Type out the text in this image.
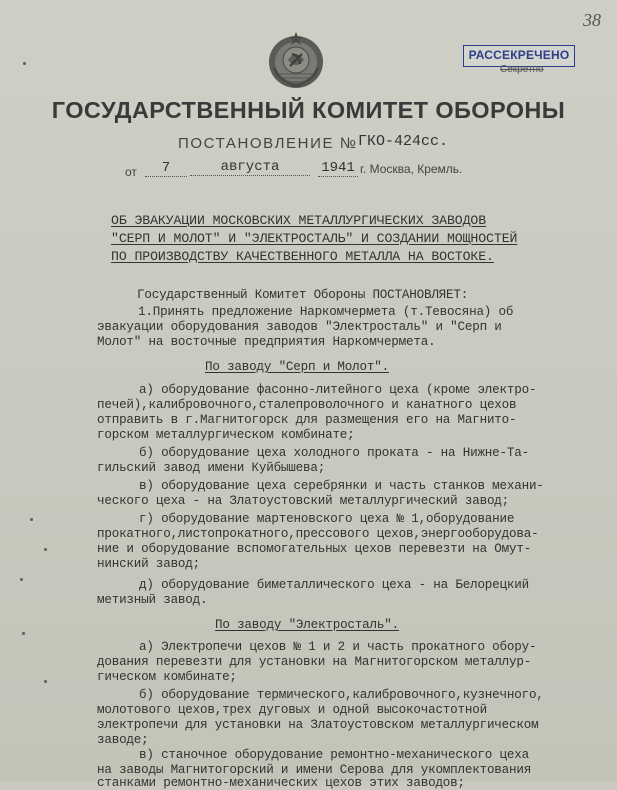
38
РАССЕКРЕЧЕНО
Секретно
ГОСУДАРСТВЕННЫЙ КОМИТЕТ ОБОРОНЫ
ПОСТАНОВЛЕНИЕ № ГКО-424сс.
от	7	августа	1941 г. Москва, Кремль.
ОБ ЭВАКУАЦИИ МОСКОВСКИХ МЕТАЛЛУРГИЧЕСКИХ ЗАВОДОВ
"СЕРП И МОЛОТ" И "ЭЛЕКТРОСТАЛЬ" И СОЗДАНИИ МОЩНОСТЕЙ
ПО ПРОИЗВОДСТВУ КАЧЕСТВЕННОГО МЕТАЛЛА НА ВОСТОКЕ.
Государственный Комитет Обороны ПОСТАНОВЛЯЕТ:
1.Принять предложение Наркомчермета (т.Тевосяна) об
эвакуации оборудования заводов "Электросталь" и "Серп и
Молот" на восточные предприятия Наркомчермета.
По заводу "Серп и Молот".
а) оборудование фасонно-литейного цеха (кроме электро-
печей),калибровочного,сталепроволочного и канатного цехов
отправить в г.Магнитогорск для размещения его на Магнито-
горском металлургическом комбинате;
б) оборудование цеха холодного проката - на Нижне-Та-
гильский завод имени Куйбышева;
в) оборудование цеха серебрянки и часть станков механи-
ческого цеха - на Златоустовский металлургический завод;
г) оборудование мартеновского цеха № 1,оборудование
прокатного,листопрокатного,прессового цехов,энергооборудова-
ние и оборудование вспомогательных цехов перевезти на Омут-
нинский завод;
д) оборудование биметаллического цеха - на Белорецкий
метизный завод.
По заводу "Электросталь".
а) Электропечи цехов № 1 и 2 и часть прокатного обору-
дования перевезти для установки на Магнитогорском металлур-
гическом комбинате;
б) оборудование термического,калибровочного,кузнечного,
молотового цехов,трех дуговых и одной высокочастотной
электропечи для установки на Златоустовском металлургическом
заводе;
в) станочное оборудование ремонтно-механического цеха
на заводы Магнитогорский и имени Серова для укомплектования
станками ремонтно-механических цехов этих заводов;
